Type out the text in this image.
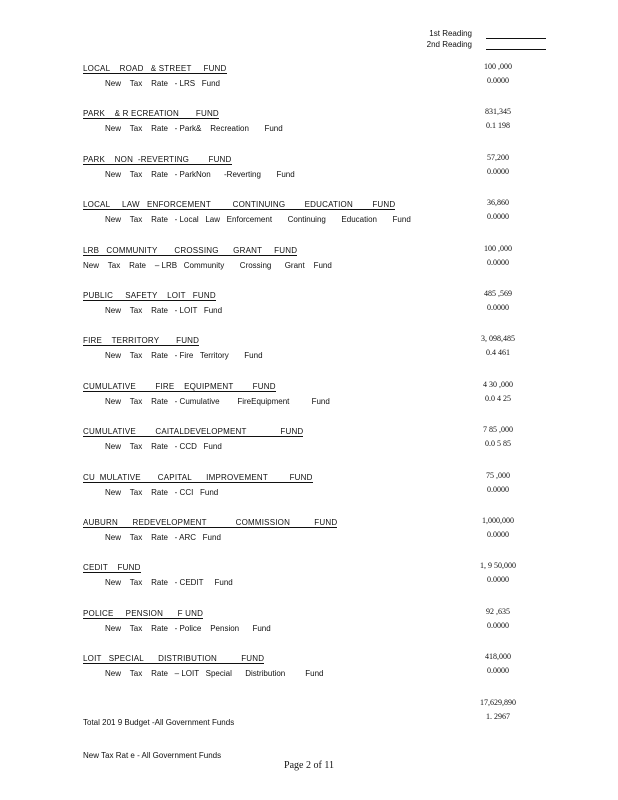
1st Reading
2nd Reading
LOCAL    ROAD   & STREET     FUND

New    Tax    Rate   - LRS   Fund
100 ,000
0.0000
PARK    & R ECREATION       FUND

New    Tax    Rate   - Park&    Recreation       Fund
831,345
0.1 198
PARK    NON  -REVERTING        FUND

New    Tax    Rate   - ParkNon      -Reverting       Fund
57,200
0.0000
LOCAL     LAW   ENFORCEMENT         CONTINUING        EDUCATION        FUND

New    Tax    Rate   - Local   Law   Enforcement       Continuing       Education       Fund
36,860
0.0000
LRB   COMMUNITY       CROSSING      GRANT     FUND

New    Tax    Rate    – LRB   Community       Crossing      Grant    Fund
100 ,000
0.0000
PUBLIC     SAFETY    LOIT   FUND

New    Tax    Rate   - LOIT   Fund
485 ,569
0.0000
FIRE    TERRITORY       FUND

New    Tax    Rate   - Fire   Territory       Fund
3, 098,485
0.4 461
CUMULATIVE        FIRE    EQUIPMENT        FUND

New    Tax    Rate   - Cumulative        FireEquipment          Fund
4 30 ,000
0.0 4 25
CUMULATIVE        CAITALDEVELOPMENT              FUND

New    Tax    Rate   - CCD   Fund
7 85 ,000
0.0 5 85
CU  MULATIVE       CAPITAL      IMPROVEMENT         FUND

New    Tax    Rate   - CCI   Fund
75 ,000
0.0000
AUBURN      REDEVELOPMENT            COMMISSION          FUND

New    Tax    Rate   - ARC   Fund
1,000,000
0.0000
CEDIT    FUND

New    Tax    Rate   - CEDIT     Fund
1, 9 50,000
0.0000
POLICE     PENSION      F UND

New    Tax    Rate   - Police    Pension      Fund
92 ,635
0.0000
LOIT   SPECIAL      DISTRIBUTION          FUND

New    Tax    Rate   – LOIT   Special      Distribution         Fund
418,000
0.0000

Total 201 9 Budget -All Government Funds

New Tax Rat e - All Government Funds

17,629,890
1. 2967
Page 2 of 11
